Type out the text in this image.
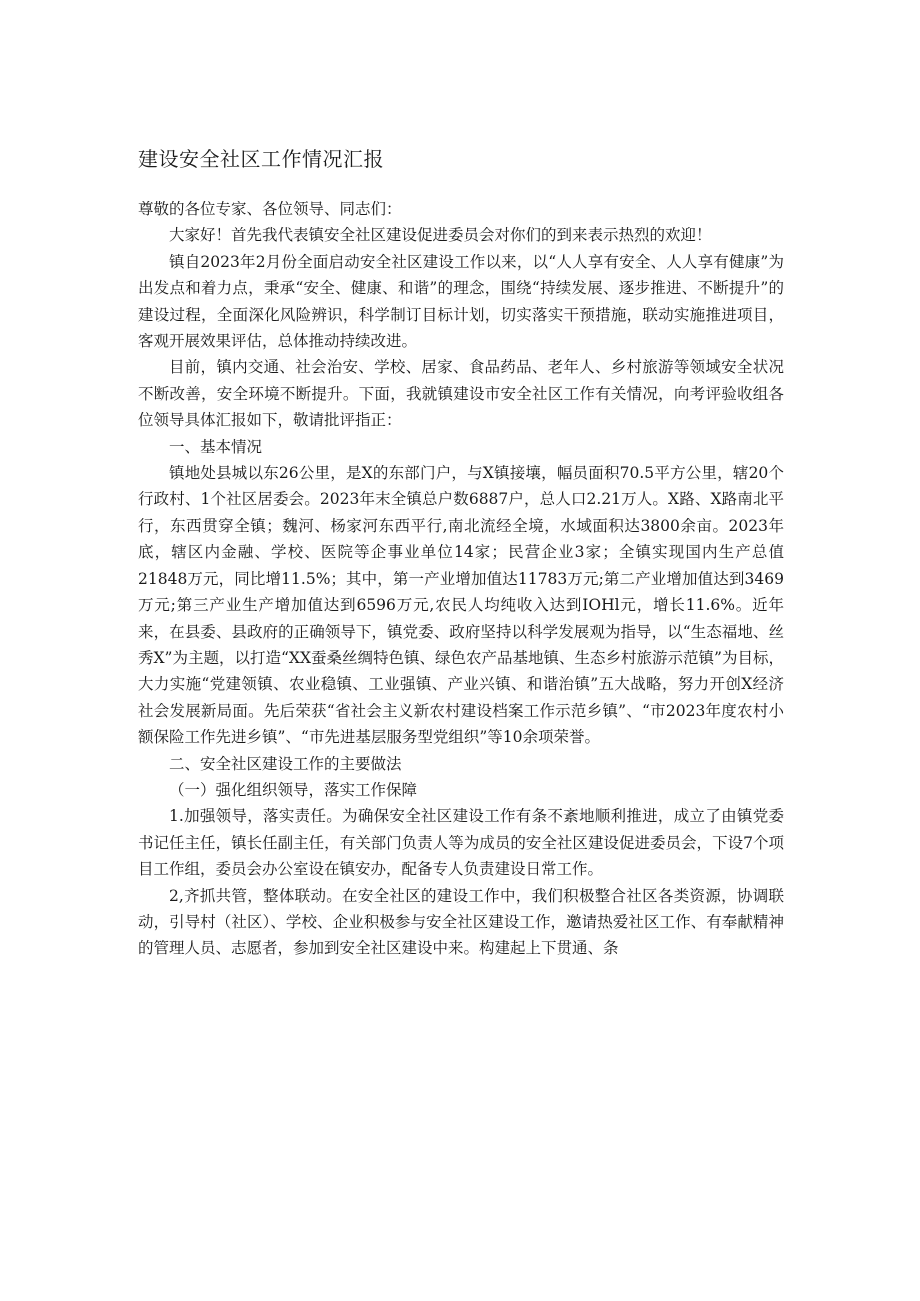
建设安全社区工作情况汇报

尊敬的各位专家、各位领导、同志们：

大家好！首先我代表镇安全社区建设促进委员会对你们的到来表示热烈的欢迎！

镇自2023年2月份全面启动安全社区建设工作以来，以“人人享有安全、人人享有健康”为出发点和着力点，秉承“安全、健康、和谐”的理念，围绕“持续发展、逐步推进、不断提升”的建设过程，全面深化风险辨识，科学制订目标计划，切实落实干预措施，联动实施推进项目，客观开展效果评估，总体推动持续改进。

目前，镇内交通、社会治安、学校、居家、食品药品、老年人、乡村旅游等领域安全状况不断改善，安全环境不断提升。下面，我就镇建设市安全社区工作有关情况，向考评验收组各位领导具体汇报如下，敬请批评指正：

一、基本情况

镇地处县城以东26公里，是X的东部门户，与X镇接壤，幅员面积70.5平方公里，辖20个行政村、1个社区居委会。2023年末全镇总户数6887户，总人口2.21万人。X路、X路南北平行，东西贯穿全镇；魏河、杨家河东西平行,南北流经全境，水域面积达3800余亩。2023年底，辖区内金融、学校、医院等企事业单位14家；民营企业3家；全镇实现国内生产总值21848万元，同比增11.5%；其中，第一产业增加值达11783万元;第二产业增加值达到3469万元;第三产业生产增加值达到6596万元,农民人均纯收入达到IOHl元，增长11.6%。近年来，在县委、县政府的正确领导下，镇党委、政府坚持以科学发展观为指导，以“生态福地、丝秀X”为主题，以打造“XX蚕桑丝绸特色镇、绿色农产品基地镇、生态乡村旅游示范镇”为目标，大力实施“党建领镇、农业稳镇、工业强镇、产业兴镇、和谐治镇”五大战略，努力开创X经济社会发展新局面。先后荣获“省社会主义新农村建设档案工作示范乡镇”、“市2023年度农村小额保险工作先进乡镇”、“市先进基层服务型党组织”等10余项荣誉。

二、安全社区建设工作的主要做法

（一）强化组织领导，落实工作保障

1.加强领导，落实责任。为确保安全社区建设工作有条不紊地顺利推进，成立了由镇党委书记任主任，镇长任副主任，有关部门负责人等为成员的安全社区建设促进委员会，下设7个项目工作组，委员会办公室设在镇安办，配备专人负责建设日常工作。

2,齐抓共管，整体联动。在安全社区的建设工作中，我们积极整合社区各类资源，协调联动，引导村（社区）、学校、企业积极参与安全社区建设工作，邀请热爱社区工作、有奉献精神的管理人员、志愿者，参加到安全社区建设中来。构建起上下贯通、条
